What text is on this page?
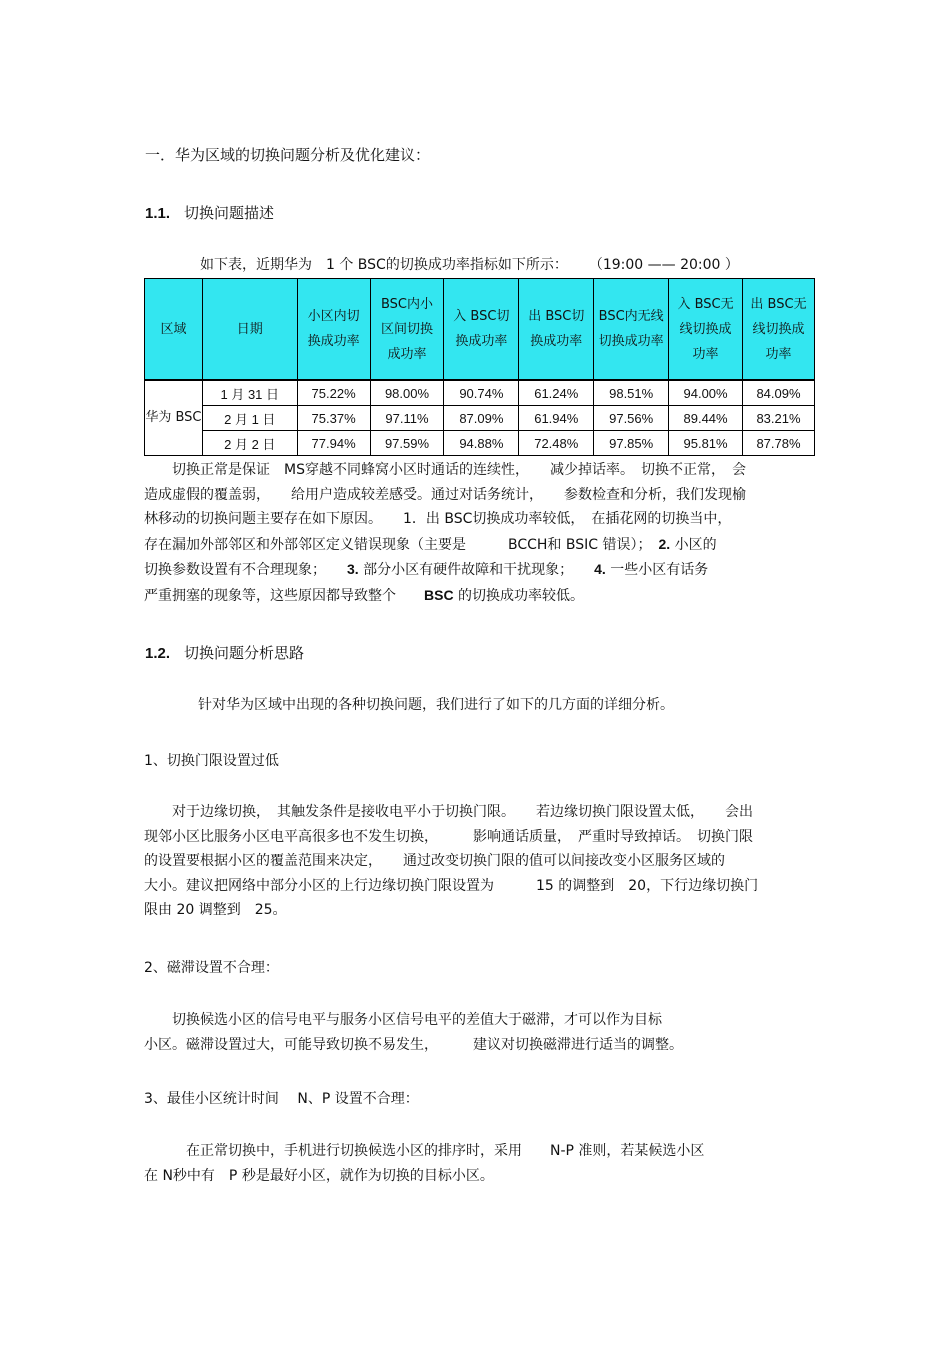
一．华为区域的切换问题分析及优化建议：
1.1. 切换问题描述
如下表，近期华为　1 个 BSC的切换成功率指标如下所示： （19:00 —— 20:00 ）
区域	日期	小区内切换成功率	BSC内小区间切换成功率	入 BSC切换成功率	出 BSC切换成功率	BSC内无线切换成功率	入 BSC无线切换成功率	出 BSC无线切换成功率
华为 BSC	1 月 31 日	75.22%	98.00%	90.74%	61.24%	98.51%	94.00%	84.09%
	2 月 1 日	75.37%	97.11%	87.09%	61.94%	97.56%	89.44%	83.21%
	2 月 2 日	77.94%	97.59%	94.88%	72.48%	97.85%	95.81%	87.78%
　　切换正常是保证　MS穿越不同蜂窝小区时通话的连续性，　　减少掉话率。　切换不正常，　会
造成虚假的覆盖弱，　　给用户造成较差感受。通过对话务统计，　　参数检查和分析，我们发现榆
林移动的切换问题主要存在如下原因。　　1．出 BSC切换成功率较低，　在插花网的切换当中，
存在漏加外部邻区和外部邻区定义错误现象（主要是　　　BCCH和 BSIC 错误）；　 2. 小区的
切换参数设置有不合理现象；　　3. 部分小区有硬件故障和干扰现象；　　4. 一些小区有话务
严重拥塞的现象等，这些原因都导致整个　　BSC 的切换成功率较低。
1.2. 切换问题分析思路
针对华为区域中出现的各种切换问题，我们进行了如下的几方面的详细分析。
1、切换门限设置过低
　　对于边缘切换，　其触发条件是接收电平小于切换门限。　　若边缘切换门限设置太低，　　会出
现邻小区比服务小区电平高很多也不发生切换，　　　影响通话质量，　严重时导致掉话。　切换门限
的设置要根据小区的覆盖范围来决定，　　通过改变切换门限的值可以间接改变小区服务区域的
大小。建议把网络中部分小区的上行边缘切换门限设置为　　　15 的调整到　20，下行边缘切换门
限由 20 调整到　25。
2、磁滞设置不合理：
　　切换候选小区的信号电平与服务小区信号电平的差值大于磁滞，才可以作为目标
小区。磁滞设置过大，可能导致切换不易发生，　　　建议对切换磁滞进行适当的调整。
3、最佳小区统计时间　 N、P 设置不合理：
　　　在正常切换中，手机进行切换候选小区的排序时，采用　　N-P 准则，若某候选小区
在 N秒中有　P 秒是最好小区，就作为切换的目标小区。
